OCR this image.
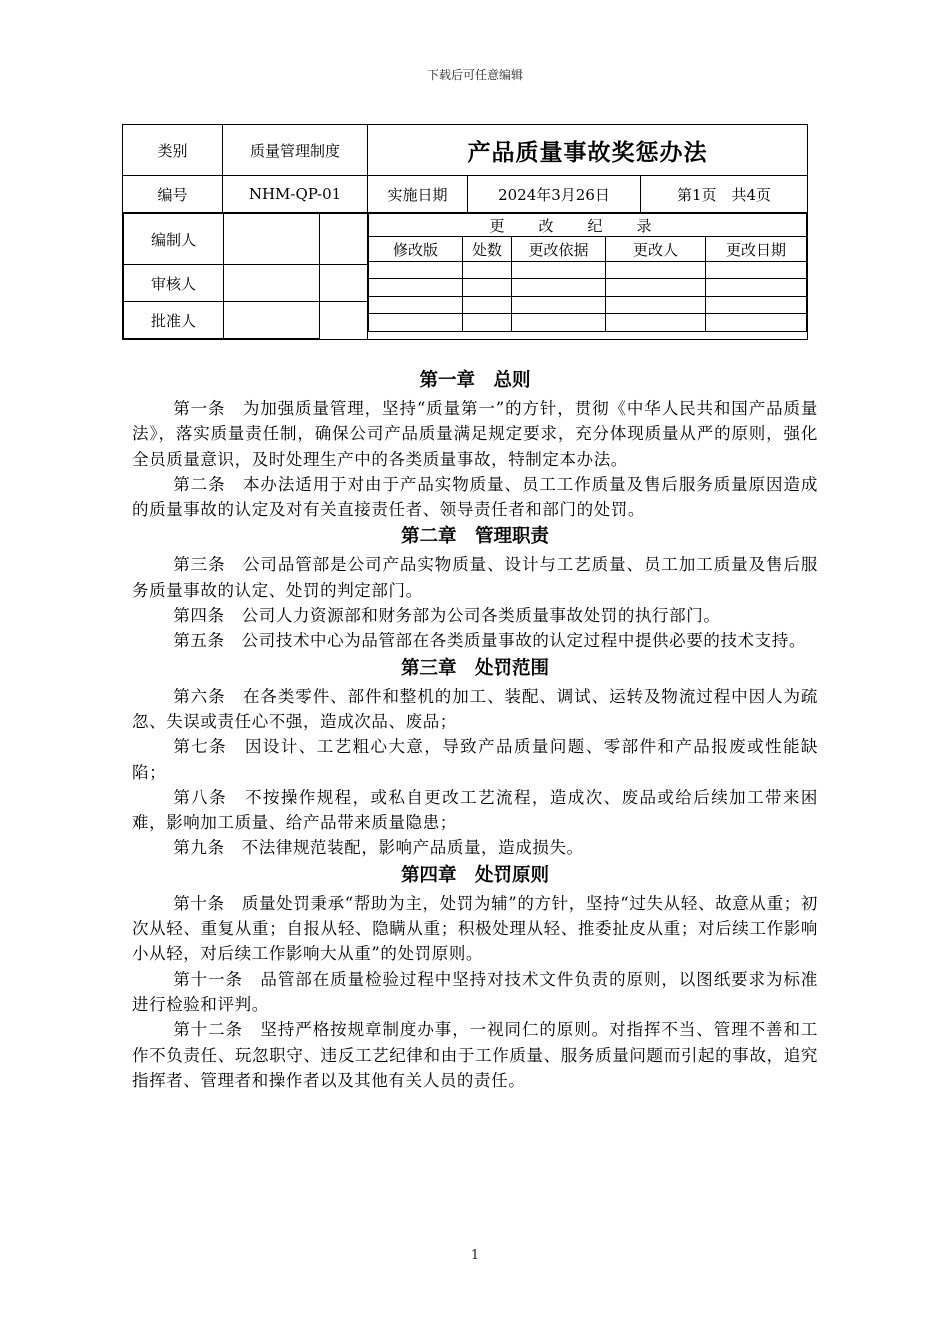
下载后可任意编辑
类别	质量管理制度	产品质量事故奖惩办法
编号	NHM-QP-01	实施日期	2024年3月26日	第1页　共4页

编制人		
审核人		
批准人		

更改纪录
修改版	处数	更改依据	更改人	更改日期

第一章　总则

第一条　为加强质量管理，坚持“质量第一”的方针，贯彻《中华人民共和国产品质量法》，落实质量责任制，确保公司产品质量满足规定要求，充分体现质量从严的原则，强化全员质量意识，及时处理生产中的各类质量事故，特制定本办法。

第二条　本办法适用于对由于产品实物质量、员工工作质量及售后服务质量原因造成的质量事故的认定及对有关直接责任者、领导责任者和部门的处罚。

第二章　管理职责

第三条　公司品管部是公司产品实物质量、设计与工艺质量、员工加工质量及售后服务质量事故的认定、处罚的判定部门。

第四条　公司人力资源部和财务部为公司各类质量事故处罚的执行部门。

第五条　公司技术中心为品管部在各类质量事故的认定过程中提供必要的技术支持。

第三章　处罚范围

第六条　在各类零件、部件和整机的加工、装配、调试、运转及物流过程中因人为疏忽、失误或责任心不强，造成次品、废品；

第七条　因设计、工艺粗心大意，导致产品质量问题、零部件和产品报废或性能缺陷；

第八条　不按操作规程，或私自更改工艺流程，造成次、废品或给后续加工带来困难，影响加工质量、给产品带来质量隐患；

第九条　不法律规范装配，影响产品质量，造成损失。

第四章　处罚原则

第十条　质量处罚秉承“帮助为主，处罚为辅”的方针，坚持“过失从轻、故意从重；初次从轻、重复从重；自报从轻、隐瞒从重；积极处理从轻、推委扯皮从重；对后续工作影响小从轻，对后续工作影响大从重”的处罚原则。

第十一条　品管部在质量检验过程中坚持对技术文件负责的原则，以图纸要求为标准进行检验和评判。

第十二条　坚持严格按规章制度办事，一视同仁的原则。对指挥不当、管理不善和工作不负责任、玩忽职守、违反工艺纪律和由于工作质量、服务质量问题而引起的事故，追究指挥者、管理者和操作者以及其他有关人员的责任。

1
